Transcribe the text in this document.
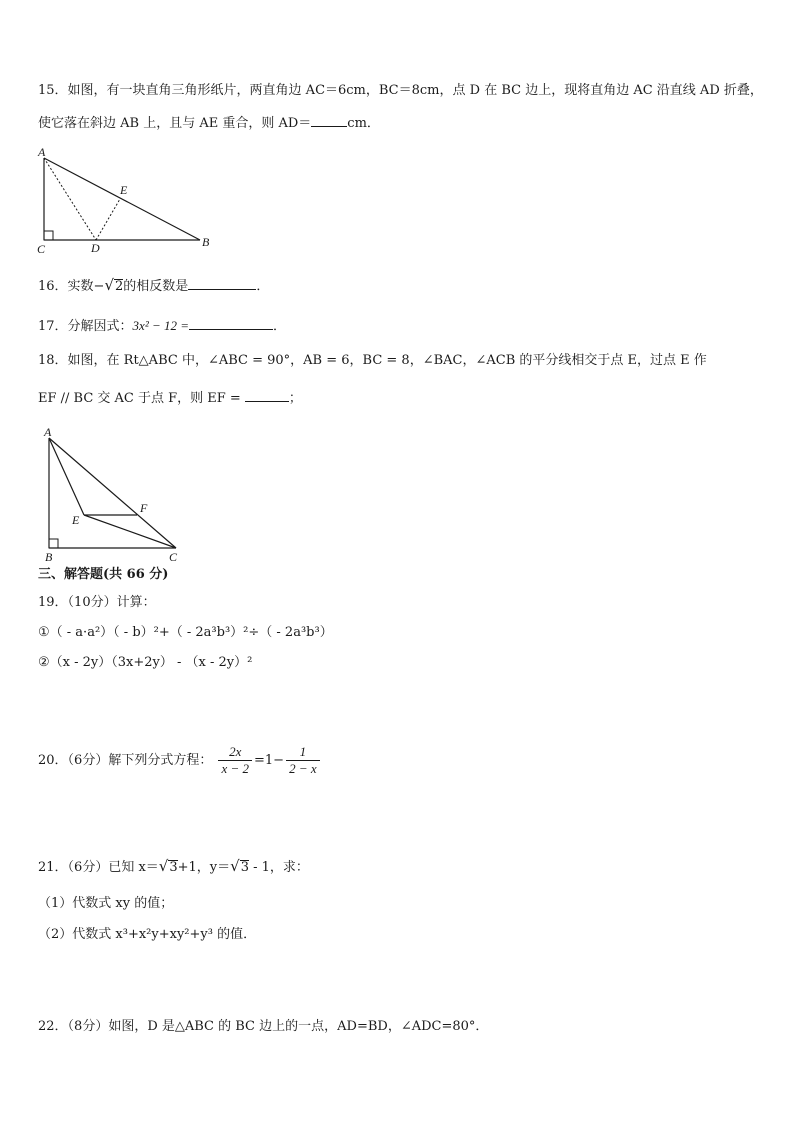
15．如图，有一块直角三角形纸片，两直角边 AC＝6cm，BC＝8cm，点 D 在 BC 边上，现将直角边 AC 沿直线 AD 折叠，
使它落在斜边 AB 上，且与 AE 重合，则 AD＝	cm．
A
E
C	D	B
16．实数−√2的相反数是	．
17．分解因式：3x² − 12 =	．
18．如图，在 Rt△ABC 中，∠ABC = 90°，AB = 6，BC = 8，∠BAC，∠ACB 的平分线相交于点 E，过点 E 作
EF // BC 交 AC 于点 F，则 EF =	；
A
F
E
B	C
三、解答题(共 66 分)
19．（10分）计算：
①（ - a·a²）（ - b）²+（ - 2a³b³）²÷（ - 2a³b³）
②（x - 2y）（3x+2y） - （x - 2y）²
20．（6分）解下列分式方程： $\frac{2x}{x - 2} =1- \frac{1}{2 - x}$
21．（6分）已知 x＝√3+1，y＝√3 - 1，求：
（1）代数式 xy 的值；
（2）代数式 x³+x²y+xy²+y³ 的值．
22．（8分）如图，D 是△ABC 的 BC 边上的一点，AD=BD，∠ADC=80°．
